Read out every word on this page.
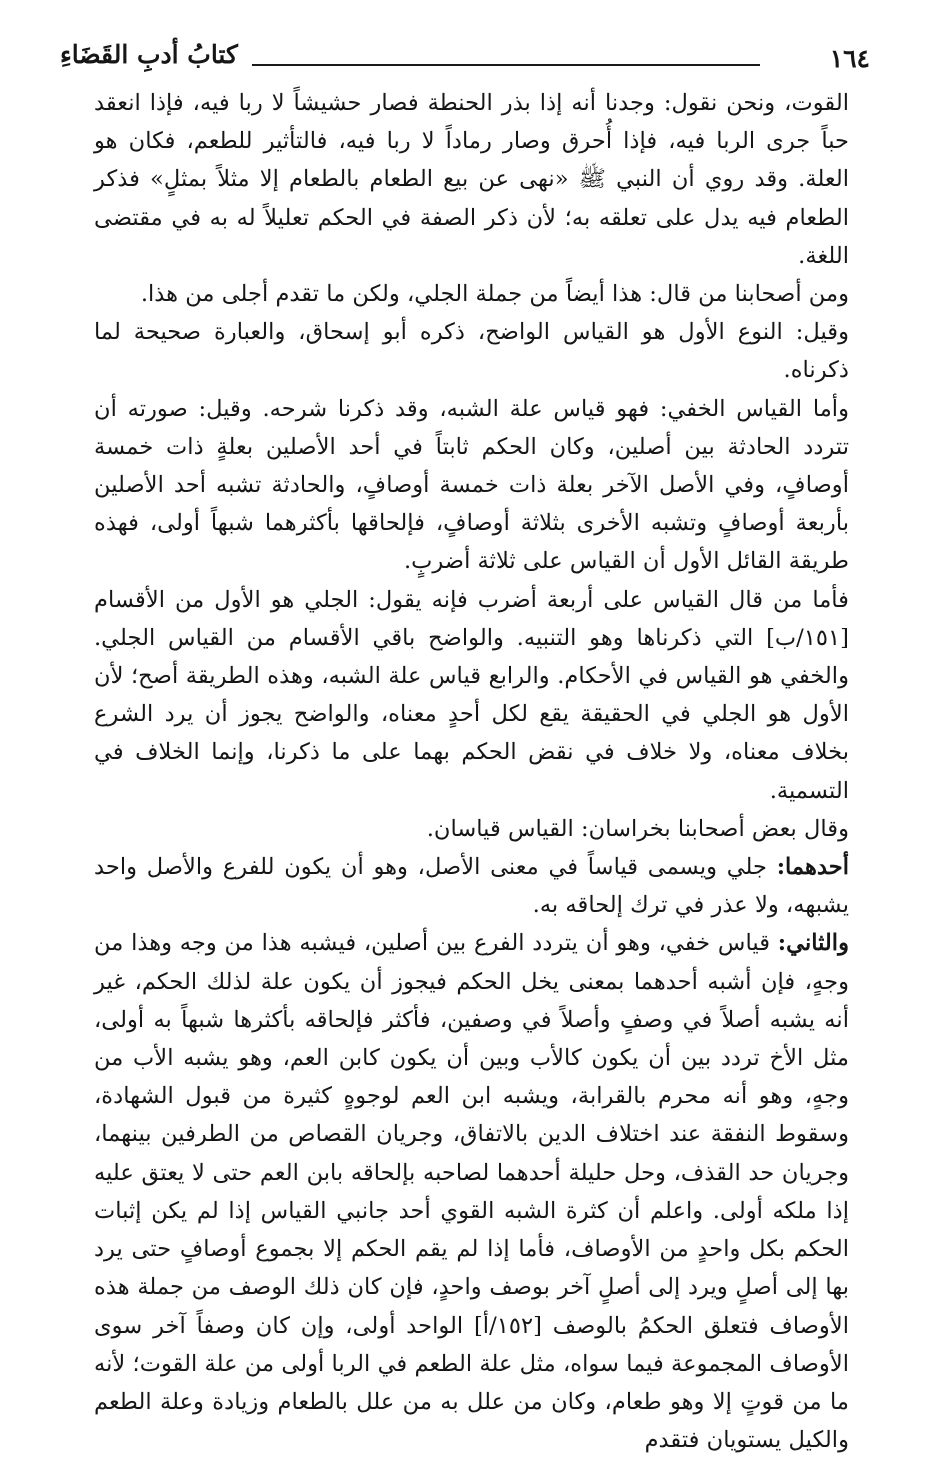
١٦٤
كتابُ أدبِ القَضَاءِ

القوت، ونحن نقول: وجدنا أنه إذا بذر الحنطة فصار حشيشاً لا ربا فيه، فإذا انعقد حباً جرى الربا فيه، فإذا أُحرق وصار رماداً لا ربا فيه، فالتأثير للطعم، فكان هو العلة. وقد روي أن النبي ﷺ «نهى عن بيع الطعام بالطعام إلا مثلاً بمثلٍ» فذكر الطعام فيه يدل على تعلقه به؛ لأن ذكر الصفة في الحكم تعليلاً له به في مقتضى اللغة.

ومن أصحابنا من قال: هذا أيضاً من جملة الجلي، ولكن ما تقدم أجلى من هذا.

وقيل: النوع الأول هو القياس الواضح، ذكره أبو إسحاق، والعبارة صحيحة لما ذكرناه.

وأما القياس الخفي: فهو قياس علة الشبه، وقد ذكرنا شرحه. وقيل: صورته أن تتردد الحادثة بين أصلين، وكان الحكم ثابتاً في أحد الأصلين بعلةٍ ذات خمسة أوصافٍ، وفي الأصل الآخر بعلة ذات خمسة أوصافٍ، والحادثة تشبه أحد الأصلين بأربعة أوصافٍ وتشبه الأخرى بثلاثة أوصافٍ، فإلحاقها بأكثرهما شبهاً أولى، فهذه طريقة القائل الأول أن القياس على ثلاثة أضربٍ.

فأما من قال القياس على أربعة أضرب فإنه يقول: الجلي هو الأول من الأقسام [١٥١/ب] التي ذكرناها وهو التنبيه. والواضح باقي الأقسام من القياس الجلي. والخفي هو القياس في الأحكام. والرابع قياس علة الشبه، وهذه الطريقة أصح؛ لأن الأول هو الجلي في الحقيقة يقع لكل أحدٍ معناه، والواضح يجوز أن يرد الشرع بخلاف معناه، ولا خلاف في نقض الحكم بهما على ما ذكرنا، وإنما الخلاف في التسمية.

وقال بعض أصحابنا بخراسان: القياس قياسان.

أحدهما: جلي ويسمى قياساً في معنى الأصل، وهو أن يكون للفرع والأصل واحد يشبهه، ولا عذر في ترك إلحاقه به.

والثاني: قياس خفي، وهو أن يتردد الفرع بين أصلين، فيشبه هذا من وجه وهذا من وجهٍ، فإن أشبه أحدهما بمعنى يخل الحكم فيجوز أن يكون علة لذلك الحكم، غير أنه يشبه أصلاً في وصفٍ وأصلاً في وصفين، فأكثر فإلحاقه بأكثرها شبهاً به أولى، مثل الأخ تردد بين أن يكون كالأب وبين أن يكون كابن العم، وهو يشبه الأب من وجهٍ، وهو أنه محرم بالقرابة، ويشبه ابن العم لوجوهٍ كثيرة من قبول الشهادة، وسقوط النفقة عند اختلاف الدين بالاتفاق، وجريان القصاص من الطرفين بينهما، وجريان حد القذف، وحل حليلة أحدهما لصاحبه بإلحاقه بابن العم حتى لا يعتق عليه إذا ملكه أولى. واعلم أن كثرة الشبه القوي أحد جانبي القياس إذا لم يكن إثبات الحكم بكل واحدٍ من الأوصاف، فأما إذا لم يقم الحكم إلا بجموع أوصافٍ حتى يرد بها إلى أصلٍ ويرد إلى أصلٍ آخر بوصف واحدٍ، فإن كان ذلك الوصف من جملة هذه الأوصاف فتعلق الحكمُ بالوصف [١٥٢/أ] الواحد أولى، وإن كان وصفاً آخر سوى الأوصاف المجموعة فيما سواه، مثل علة الطعم في الربا أولى من علة القوت؛ لأنه ما من قوتٍ إلا وهو طعام، وكان من علل به من علل بالطعام وزيادة وعلة الطعم والكيل يستويان فتقدم
